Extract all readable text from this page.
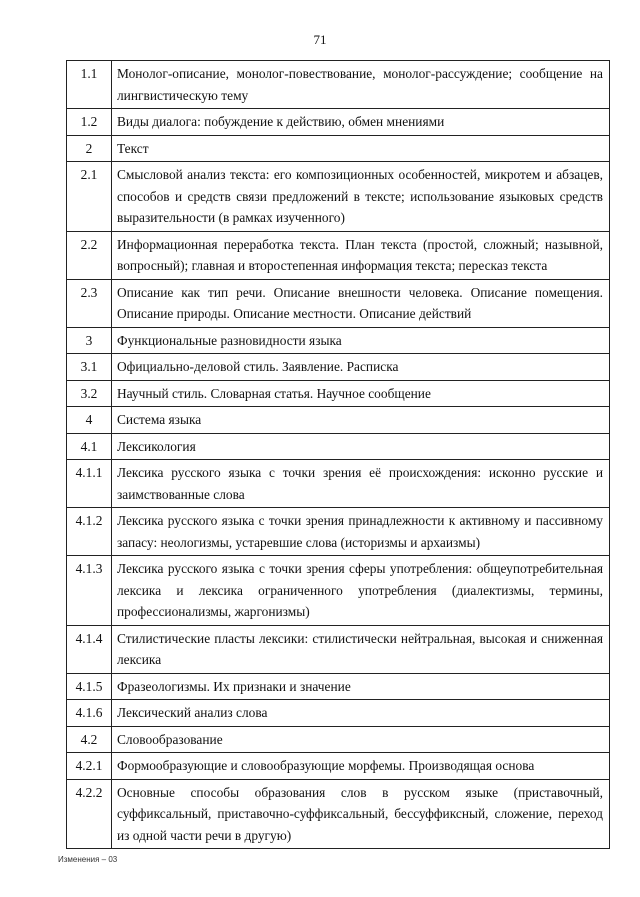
71
1.1	Монолог-описание, монолог-повествование, монолог-рассуждение; сообщение на лингвистическую тему
1.2	Виды диалога: побуждение к действию, обмен мнениями
2	Текст
2.1	Смысловой анализ текста: его композиционных особенностей, микротем и абзацев, способов и средств связи предложений в тексте; использование языковых средств выразительности (в рамках изученного)
2.2	Информационная переработка текста. План текста (простой, сложный; назывной, вопросный); главная и второстепенная информация текста; пересказ текста
2.3	Описание как тип речи. Описание внешности человека. Описание помещения. Описание природы. Описание местности. Описание действий
3	Функциональные разновидности языка
3.1	Официально-деловой стиль. Заявление. Расписка
3.2	Научный стиль. Словарная статья. Научное сообщение
4	Система языка
4.1	Лексикология
4.1.1	Лексика русского языка с точки зрения её происхождения: исконно русские и заимствованные слова
4.1.2	Лексика русского языка с точки зрения принадлежности к активному и пассивному запасу: неологизмы, устаревшие слова (историзмы и архаизмы)
4.1.3	Лексика русского языка с точки зрения сферы употребления: общеупотребительная лексика и лексика ограниченного употребления (диалектизмы, термины, профессионализмы, жаргонизмы)
4.1.4	Стилистические пласты лексики: стилистически нейтральная, высокая и сниженная лексика
4.1.5	Фразеологизмы. Их признаки и значение
4.1.6	Лексический анализ слова
4.2	Словообразование
4.2.1	Формообразующие и словообразующие морфемы. Производящая основа
4.2.2	Основные способы образования слов в русском языке (приставочный, суффиксальный, приставочно-суффиксальный, бессуффиксный, сложение, переход из одной части речи в другую)
Изменения – 03
